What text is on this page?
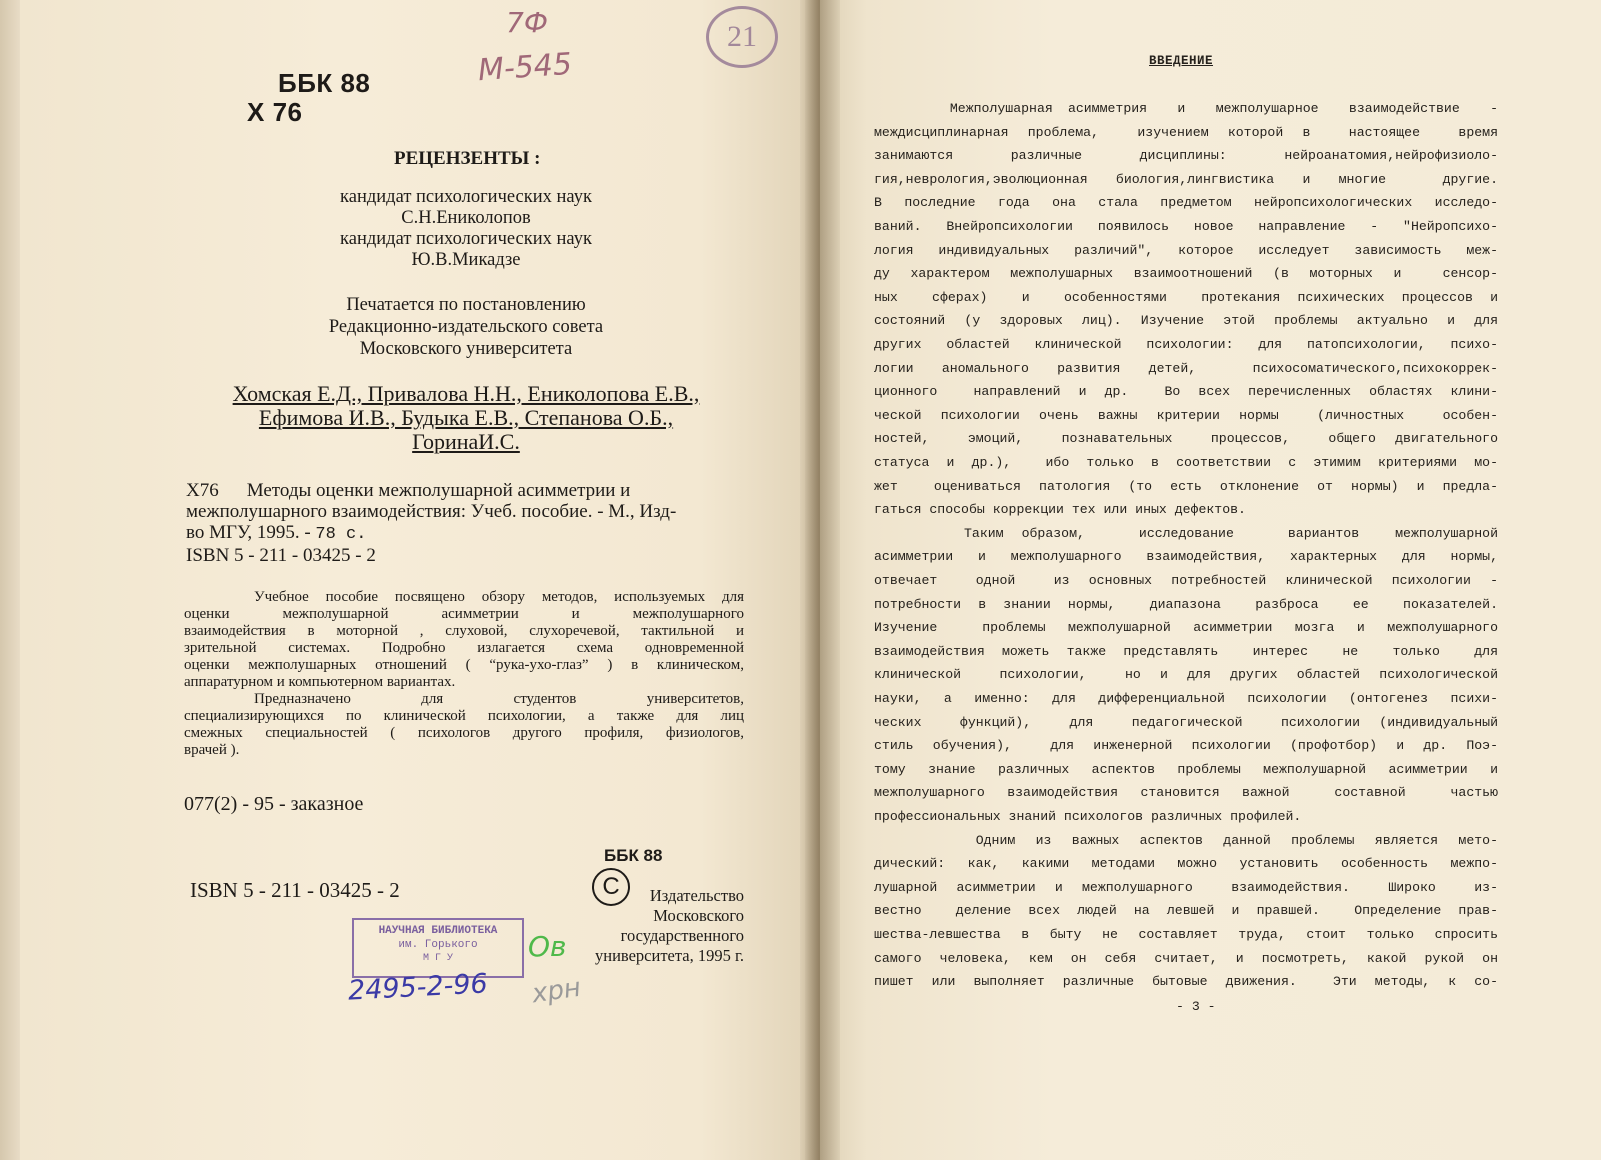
ББК 88
Х 76
РЕЦЕНЗЕНТЫ :
кандидат психологических наук
С.Н.Ениколопов
кандидат психологических наук
Ю.В.Микадзе
Печатается по постановлению
Редакционно-издательского совета
Московского университета
Хомская Е.Д., Привалова Н.Н., Ениколопова Е.В.,
Ефимова И.В., Будыка Е.В., Степанова О.Б.,
ГоринаИ.С.
Х76 Методы оценки межполушарной асимметрии и
межполушарного взаимодействия: Учеб. пособие. - М., Изд-
во МГУ, 1995. - 78 с.
ISBN 5 - 211 - 03425 - 2
Учебное пособие посвящено обзору методов, используемых для
оценки межполушарной асимметрии и межполушарного
взаимодействия в моторной , слуховой, слухоречевой, тактильной и
зрительной системах. Подробно излагается схема одновременной
оценки межполушарных отношений ( “рука-ухо-глаз” ) в клиническом,
аппаратурном и компьютерном вариантах.
Предназначено для студентов университетов,
специализирующихся по клинической психологии, а также для лиц
смежных специальностей ( психологов другого профиля, физиологов,
врачей ).
077(2) - 95 - заказное
ББК 88
ISBN 5 - 211 - 03425 - 2	C	Издательство
Московского
государственного
университета, 1995 г.
НАУЧНАЯ БИБЛИОТЕКА
им. Горького
М Г У
2495-2-96
Ов
хрн
7Ф
М-545
21
ВВЕДЕНИЕ
Межполушарная асимметрия  и  межполушарное  взаимодействие  -
междисциплинарная проблема,  изучением которой в  настоящее  время
занимаются  различные  дисциплины:  нейроанатомия,нейрофизиоло-
гия,неврология,эволюционная биология,лингвистика и многие  другие.
В последние года она стала предметом нейропсихологических исследо-
ваний. Внейропсихологии появилось новое направление - "Нейропсихо-
логия индивидуальных различий", которое исследует зависимость меж-
ду характером межполушарных взаимоотношений (в моторных и  сенсор-
ных  сферах)  и  особенностями  протекания психических процессов и
состояний (у здоровых лиц). Изучение этой проблемы актуально и для
других областей клинической психологии: для патопсихологии, психо-
логии аномального развития детей,  психосоматического,психокоррек-
ционного  направлений и др.  Во всех перечисленных областях клини-
ческой психологии очень важны критерии нормы  (личностных  особен-
ностей,  эмоций,  познавательных  процессов,  общего двигательного
статуса и др.),  ибо только в соответствии с этимим критериями мо-
жет  оцениваться патология (то есть отклонение от нормы) и предла-
гаться способы коррекции тех или иных дефектов.
Таким образом,   исследование   вариантов  межполушарной
асимметрии и межполушарного взаимодействия, характерных для нормы,
отвечает  одной  из основных потребностей клинической психологии -
потребности в знании нормы,  диапазона  разброса  ее  показателей.
Изучение  проблемы межполушарной асимметрии мозга и межполушарного
взаимодействия можеть также представлять  интерес  не  только  для
клинической  психологии,  но и для других областей психологической
науки, а именно: для дифференциальной психологии (онтогенез психи-
ческих  функций),  для  педагогической  психологии (индивидуальный
стиль обучения),  для инженерной психологии (профотбор) и др. Поэ-
тому знание различных аспектов проблемы межполушарной асимметрии и
межполушарного взаимодействия становится важной  составной  частью
профессиональных знаний психологов различных профилей.
Одним из важных аспектов данной проблемы является мето-
дический: как, какими методами можно установить особенность межпо-
лушарной асимметрии и межполушарного  взаимодействия.  Широко  из-
вестно  деление всех людей на левшей и правшей.  Определение прав-
шества-левшества в быту не составляет труда, стоит только спросить
самого человека, кем он себя считает, и посмотреть, какой рукой он
пишет или выполняет различные бытовые движения.  Эти методы, к со-
- 3 -
